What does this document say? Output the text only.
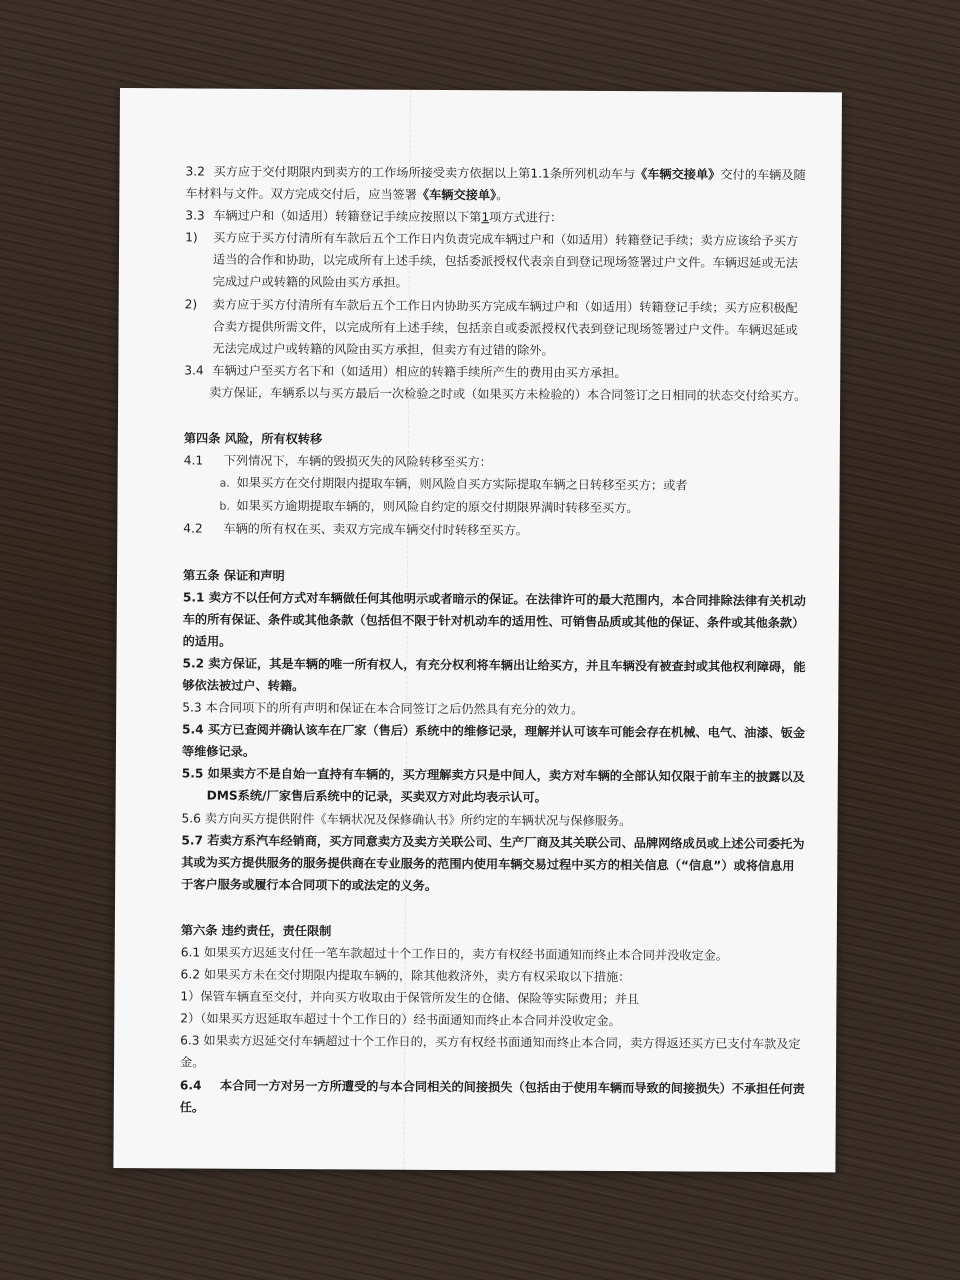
3.2 买方应于交付期限内到卖方的工作场所接受卖方依据以上第1.1条所列机动车与《车辆交接单》交付的车辆及随
车材料与文件。双方完成交付后，应当签署《车辆交接单》。
3.3 车辆过户和（如适用）转籍登记手续应按照以下第1项方式进行：
1) 买方应于买方付清所有车款后五个工作日内负责完成车辆过户和（如适用）转籍登记手续；卖方应该给予买方
适当的合作和协助，以完成所有上述手续，包括委派授权代表亲自到登记现场签署过户文件。车辆迟延或无法
完成过户或转籍的风险由买方承担。
2) 卖方应于买方付清所有车款后五个工作日内协助买方完成车辆过户和（如适用）转籍登记手续；买方应积极配
合卖方提供所需文件，以完成所有上述手续，包括亲自或委派授权代表到登记现场签署过户文件。车辆迟延或
无法完成过户或转籍的风险由买方承担，但卖方有过错的除外。
3.4 车辆过户至买方名下和（如适用）相应的转籍手续所产生的费用由买方承担。
卖方保证，车辆系以与买方最后一次检验之时或（如果买方未检验的）本合同签订之日相同的状态交付给买方。
第四条 风险，所有权转移
4.1 下列情况下，车辆的毁损灭失的风险转移至买方：
a. 如果买方在交付期限内提取车辆，则风险自买方实际提取车辆之日转移至买方；或者
b. 如果买方逾期提取车辆的，则风险自约定的原交付期限界满时转移至买方。
4.2 车辆的所有权在买、卖双方完成车辆交付时转移至买方。
第五条 保证和声明
5.1 卖方不以任何方式对车辆做任何其他明示或者暗示的保证。在法律许可的最大范围内，本合同排除法律有关机动
车的所有保证、条件或其他条款（包括但不限于针对机动车的适用性、可销售品质或其他的保证、条件或其他条款）
的适用。
5.2 卖方保证，其是车辆的唯一所有权人，有充分权利将车辆出让给买方，并且车辆没有被查封或其他权利障碍，能
够依法被过户、转籍。
5.3 本合同项下的所有声明和保证在本合同签订之后仍然具有充分的效力。
5.4 买方已查阅并确认该车在厂家（售后）系统中的维修记录，理解并认可该车可能会存在机械、电气、油漆、钣金
等维修记录。
5.5 如果卖方不是自始一直持有车辆的，买方理解卖方只是中间人，卖方对车辆的全部认知仅限于前车主的披露以及
DMS系统/厂家售后系统中的记录，买卖双方对此均表示认可。
5.6 卖方向买方提供附件《车辆状况及保修确认书》所约定的车辆状况与保修服务。
5.7 若卖方系汽车经销商，买方同意卖方及卖方关联公司、生产厂商及其关联公司、品牌网络成员或上述公司委托为
其或为买方提供服务的服务提供商在专业服务的范围内使用车辆交易过程中买方的相关信息（“信息”）或将信息用
于客户服务或履行本合同项下的或法定的义务。
第六条 违约责任，责任限制
6.1 如果买方迟延支付任一笔车款超过十个工作日的，卖方有权经书面通知而终止本合同并没收定金。
6.2 如果买方未在交付期限内提取车辆的，除其他救济外，卖方有权采取以下措施：
1）保管车辆直至交付，并向买方收取由于保管所发生的仓储、保险等实际费用；并且
2）（如果买方迟延取车超过十个工作日的）经书面通知而终止本合同并没收定金。
6.3 如果卖方迟延交付车辆超过十个工作日的，买方有权经书面通知而终止本合同，卖方得返还买方已支付车款及定
金。
6.4 本合同一方对另一方所遭受的与本合同相关的间接损失（包括由于使用车辆而导致的间接损失）不承担任何责
任。
